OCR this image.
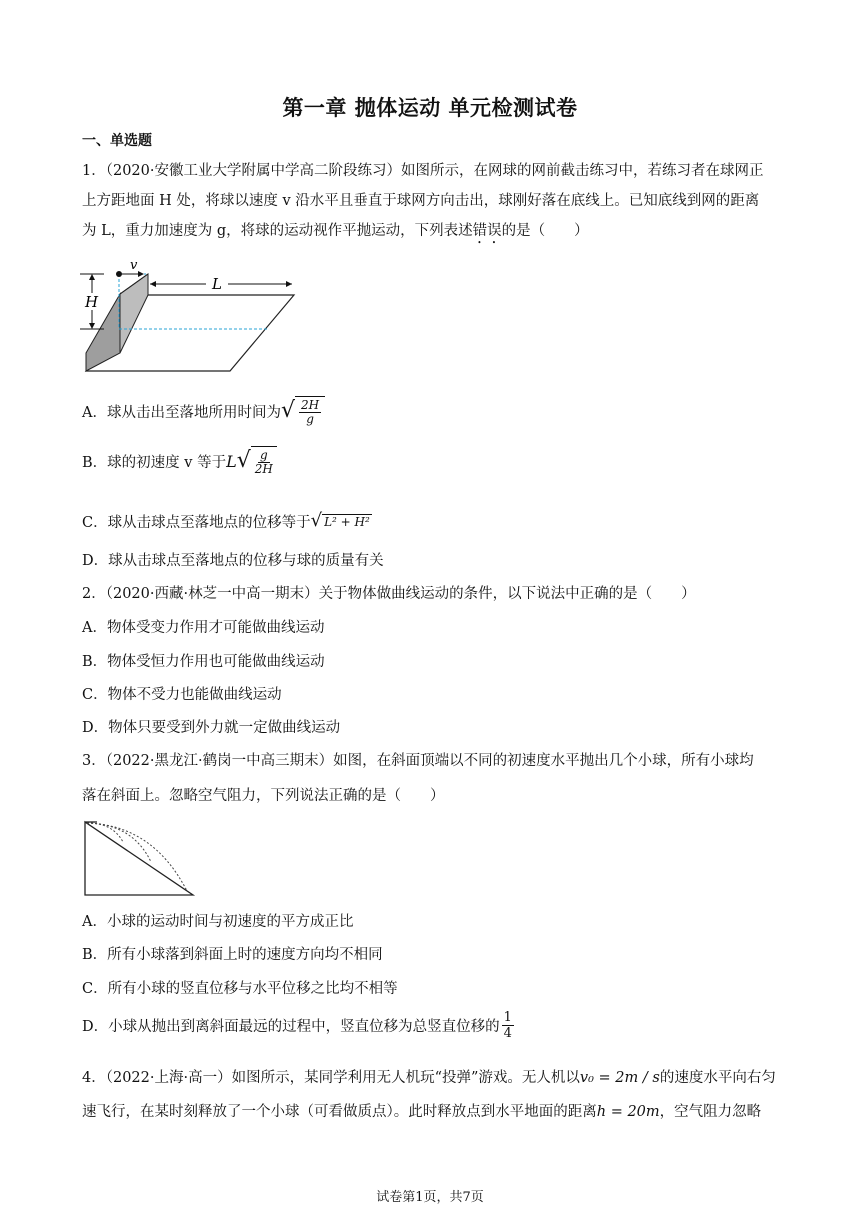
第一章 抛体运动 单元检测试卷
一、单选题
1．（2020·安徽工业大学附属中学高二阶段练习）如图所示，在网球的网前截击练习中，若练习者在球网正
上方距地面 H 处，将球以速度 v 沿水平且垂直于球网方向击出，球刚好落在底线上。已知底线到网的距离
为 L，重力加速度为 g，将球的运动视作平抛运动，下列表述错误的是（　　）
v
H
L
A．球从击出至落地所用时间为 √ $\frac{2H}{g}$
B．球的初速度 v 等于 L √ $\frac{g}{2H}$
C．球从击球点至落地点的位移等于 √ L² + H²
D．球从击球点至落地点的位移与球的质量有关
2．（2020·西藏·林芝一中高一期末）关于物体做曲线运动的条件，以下说法中正确的是（　　）
A．物体受变力作用才可能做曲线运动
B．物体受恒力作用也可能做曲线运动
C．物体不受力也能做曲线运动
D．物体只要受到外力就一定做曲线运动
3．（2022·黑龙江·鹤岗一中高三期末）如图，在斜面顶端以不同的初速度水平抛出几个小球，所有小球均
落在斜面上。忽略空气阻力，下列说法正确的是（　　）
A．小球的运动时间与初速度的平方成正比
B．所有小球落到斜面上时的速度方向均不相同
C．所有小球的竖直位移与水平位移之比均不相等
D．小球从抛出到离斜面最远的过程中，竖直位移为总竖直位移的 $\frac{1}{4}$
4．（2022·上海·高一）如图所示，某同学利用无人机玩“投弹”游戏。无人机以v₀ = 2m / s的速度水平向右匀
速飞行，在某时刻释放了一个小球（可看做质点）。此时释放点到水平地面的距离h = 20m，空气阻力忽略
试卷第1页，共7页
